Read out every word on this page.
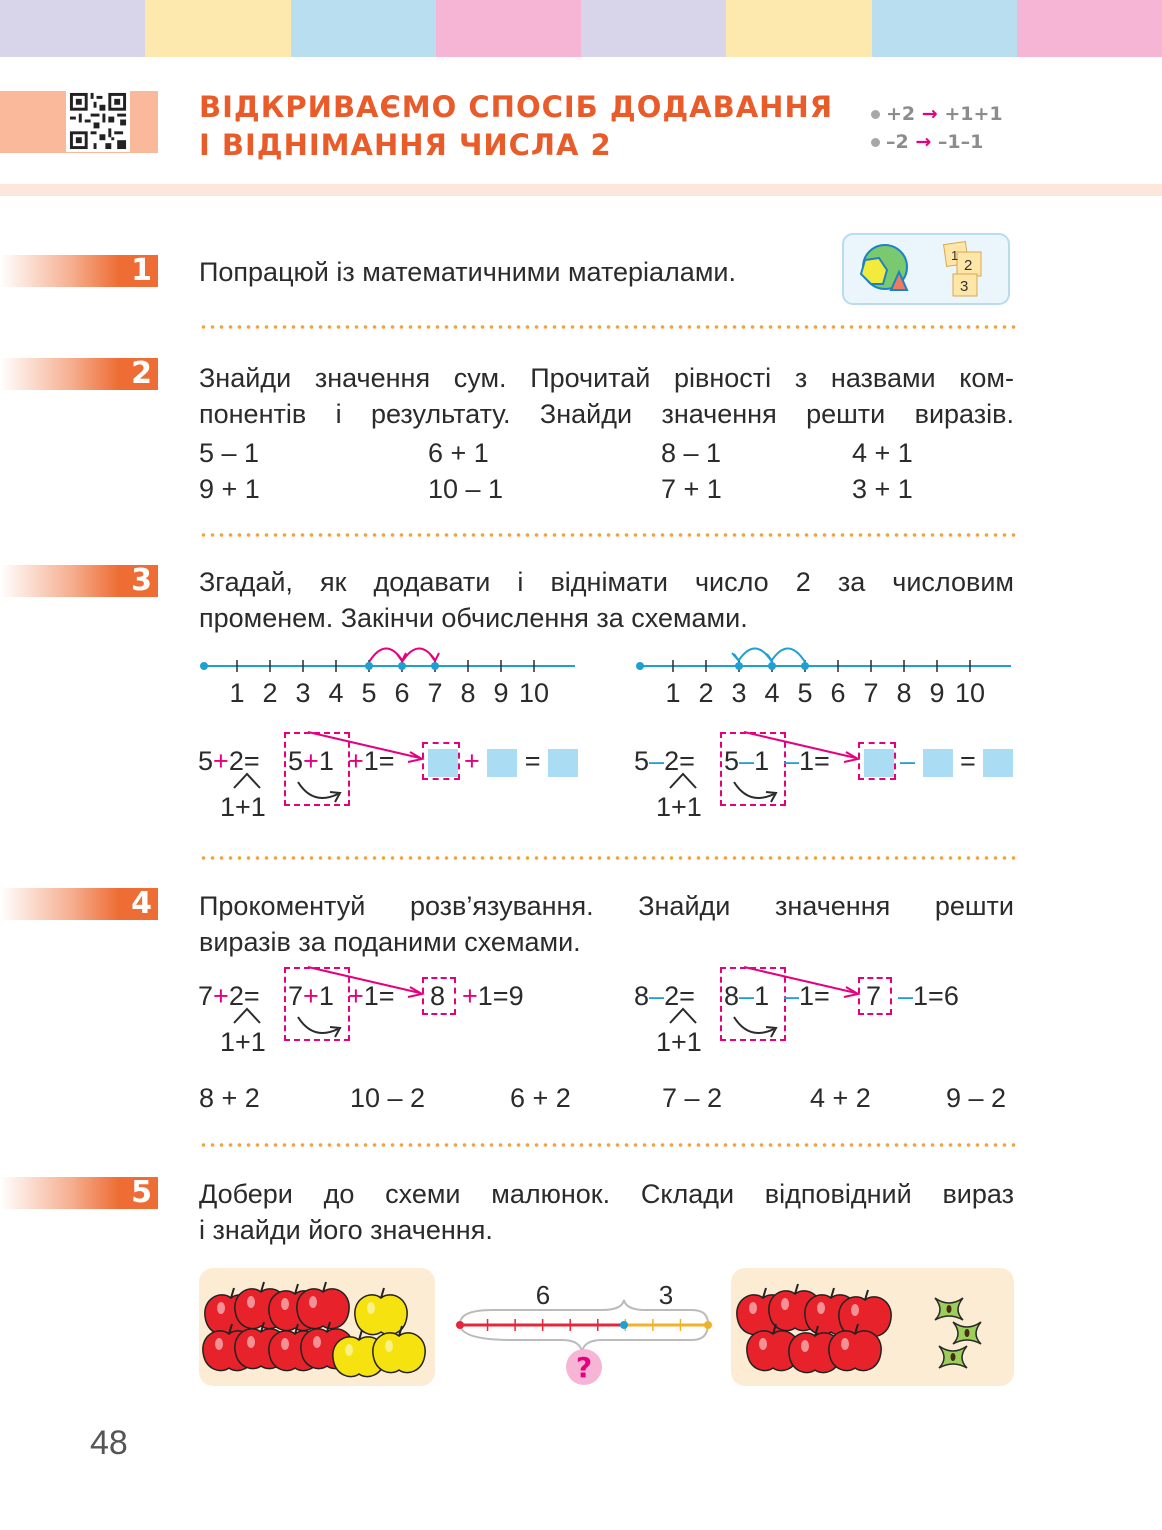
ВІДКРИВАЄМО СПОСІБ ДОДАВАННЯ
І ВІДНІМАННЯ ЧИСЛА 2
+2 → +1+1
–2 → –1–1
1 Попрацюй із математичними матеріалами.
1
2
3
2 Знайди значення сум. Прочитай рівності з назвами ком-
понентів і результату. Знайди значення решти виразів.
3 Згадай, як додавати і віднімати число 2 за числовим
променем. Закінчи обчислення за схемами.
1 2 3 4 5 6 7 8 9 10	1 2 3 4 5 6 7 8 9 10
5+2= 5+1 +1=	+  =
1+1
5–2= 5–1 –1=	–  =
1+1
4 Прокоментуй розв’язування. Знайди значення решти
виразів за поданими схемами.
7+2= 7+1 +1= 8 +1=9
1+1
8–2= 8–1 –1= 7 –1=6
1+1
5 Добери до схеми малюнок. Склади відповідний вираз
і знайди його значення.
6	3
?
48
5 – 1	6 + 1	8 – 1	4 + 1
9 + 1	10 – 1	7 + 1	3 + 1
8 + 2	10 – 2	6 + 2	7 – 2	4 + 2	9 – 2
